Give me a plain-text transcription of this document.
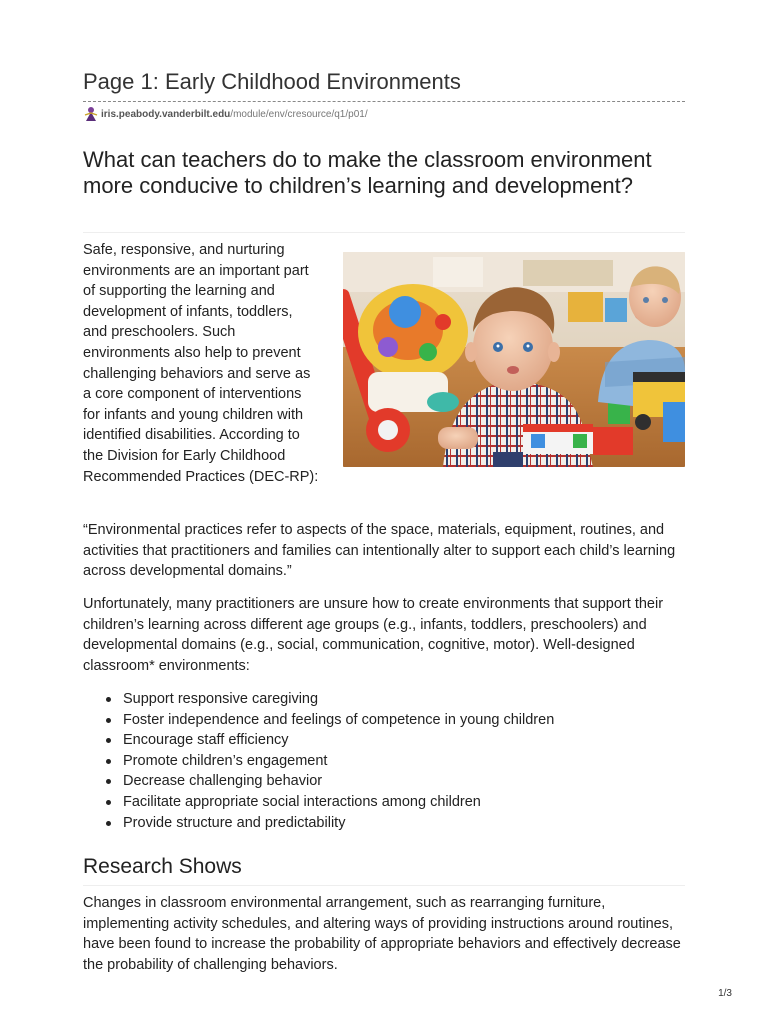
Page 1: Early Childhood Environments
iris.peabody.vanderbilt.edu /module/env/cresource/q1/p01/
What can teachers do to make the classroom environment more conducive to children’s learning and development?

Safe, responsive, and nurturing environments are an important part of supporting the learning and development of infants, toddlers, and preschoolers. Such environments also help to prevent challenging behaviors and serve as a core component of interventions for infants and young children with identified disabilities. According to the Division for Early Childhood Recommended Practices (DEC-RP):

“Environmental practices refer to aspects of the space, materials, equipment, routines, and activities that practitioners and families can intentionally alter to support each child’s learning across developmental domains.”

Unfortunately, many practitioners are unsure how to create environments that support their children’s learning across different age groups (e.g., infants, toddlers, preschoolers) and developmental domains (e.g., social, communication, cognitive, motor). Well-designed classroom* environments:

Support responsive caregiving
Foster independence and feelings of competence in young children
Encourage staff efficiency
Promote children’s engagement
Decrease challenging behavior
Facilitate appropriate social interactions among children
Provide structure and predictability
Research Shows

Changes in classroom environmental arrangement, such as rearranging furniture, implementing activity schedules, and altering ways of providing instructions around routines, have been found to increase the probability of appropriate behaviors and effectively decrease the probability of challenging behaviors.

1/3
